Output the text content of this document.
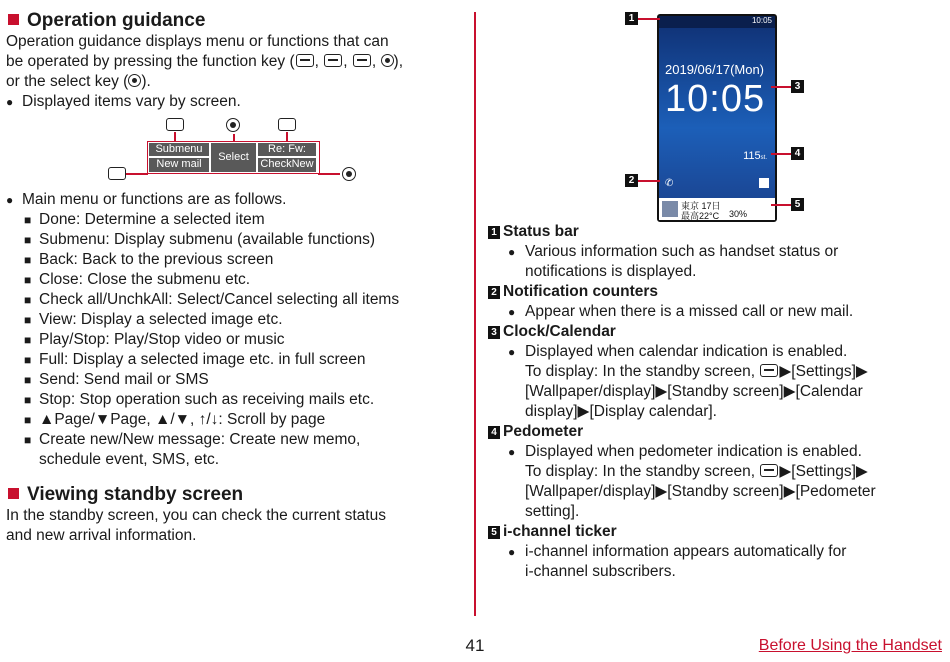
Operation guidance

Operation guidance displays menu or functions that can

be operated by pressing the function key ( , , , ),

or the select key ( ).

● Displayed items vary by screen.
Submenu
New mail
Select
Re: Fw:
CheckNew
● Main menu or functions are as follows.
■ Done: Determine a selected item
■ Submenu: Display submenu (available functions)
■ Back: Back to the previous screen
■ Close: Close the submenu etc.
■ Check all/UnchkAll: Select/Cancel selecting all items
■ View: Display a selected image etc.
■ Play/Stop: Play/Stop video or music
■ Full: Display a selected image etc. in full screen
■ Send: Send mail or SMS
■ Stop: Stop operation such as receiving mails etc.
■ ▲Page/▼Page, ▲/▼, ↑/↓: Scroll by page
■ Create new/New message: Create new memo,
schedule event, SMS, etc.
Viewing standby screen

In the standby screen, you can check the current status

and new arrival information.

10:05
2019/06/17(Mon)
10:05
115st.
✆
東京 17日
最高22°C 30%
1
2
3
4
5
1 Status bar
● Various information such as handset status or
notifications is displayed.
2 Notification counters
● Appear when there is a missed call or new mail.
3 Clock/Calendar
● Displayed when calendar indication is enabled.
To display: In the standby screen, ▶[Settings]▶
[Wallpaper/display]▶[Standby screen]▶[Calendar
display]▶[Display calendar].
4 Pedometer
● Displayed when pedometer indication is enabled.
To display: In the standby screen, ▶[Settings]▶
[Wallpaper/display]▶[Standby screen]▶[Pedometer
setting].
5 i-channel ticker
● i-channel information appears automatically for
i-channel subscribers.
41	Before Using the Handset
